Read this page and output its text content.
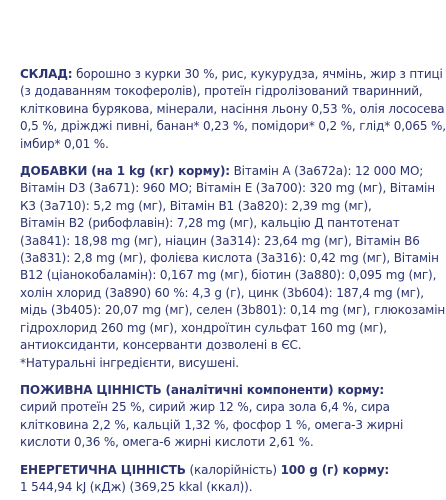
СКЛАД: борошно з курки 30 %, рис, кукурудза, ячмінь, жир з птиці
(з додаванням токоферолів), протеїн гідролізований тваринний,
клітковина бурякова, мінерали, насіння льону 0,53 %, олія лососева
0,5 %, дріжджі пивні, банан* 0,23 %, помідори* 0,2 %, глід* 0,065 %,
імбир* 0,01 %.

ДОБАВКИ (на 1 kg (кг) корму): Вітамін А (3a672a): 12 000 МО;
Вітамін D3 (3a671): 960 МО; Вітамін Е (3a700): 320 mg (мг), Вітамін
К3 (3a710): 5,2 mg (мг), Вітамін В1 (3a820): 2,39 mg (мг),
Вітамін В2 (рибофлавін): 7,28 mg (мг), кальцію Д пантотенат
(3a841): 18,98 mg (мг), ніацин (3a314): 23,64 mg (мг), Вітамін В6
(3a831): 2,8 mg (мг), фолієва кислота (3a316): 0,42 mg (мг), Вітамін
В12 (ціанокобаламін): 0,167 mg (мг), біотин (3a880): 0,095 mg (мг),
холін хлорид (3a890) 60 %: 4,3 g (г), цинк (3b604): 187,4 mg (мг),
мідь (3b405): 20,07 mg (мг), селен (3b801): 0,14 mg (мг), глюкозамін
гідрохлорид 260 mg (мг), хондроїтин сульфат 160 mg (мг),
антиоксиданти, консерванти дозволені в ЄС.
*Натуральні інгредієнти, висушені.

ПОЖИВНА ЦІННІСТЬ (аналітичні компоненти) корму:
сирий протеїн 25 %, сирий жир 12 %, сира зола 6,4 %, сира
клітковина 2,2 %, кальцій 1,32 %, фосфор 1 %, омега-3 жирні
кислоти 0,36 %, омега-6 жирні кислоти 2,61 %.

ЕНЕРГЕТИЧНА ЦІННІСТЬ (калорійність) 100 g (г) корму:
1 544,94 kJ (кДж) (369,25 kkal (ккал)).
